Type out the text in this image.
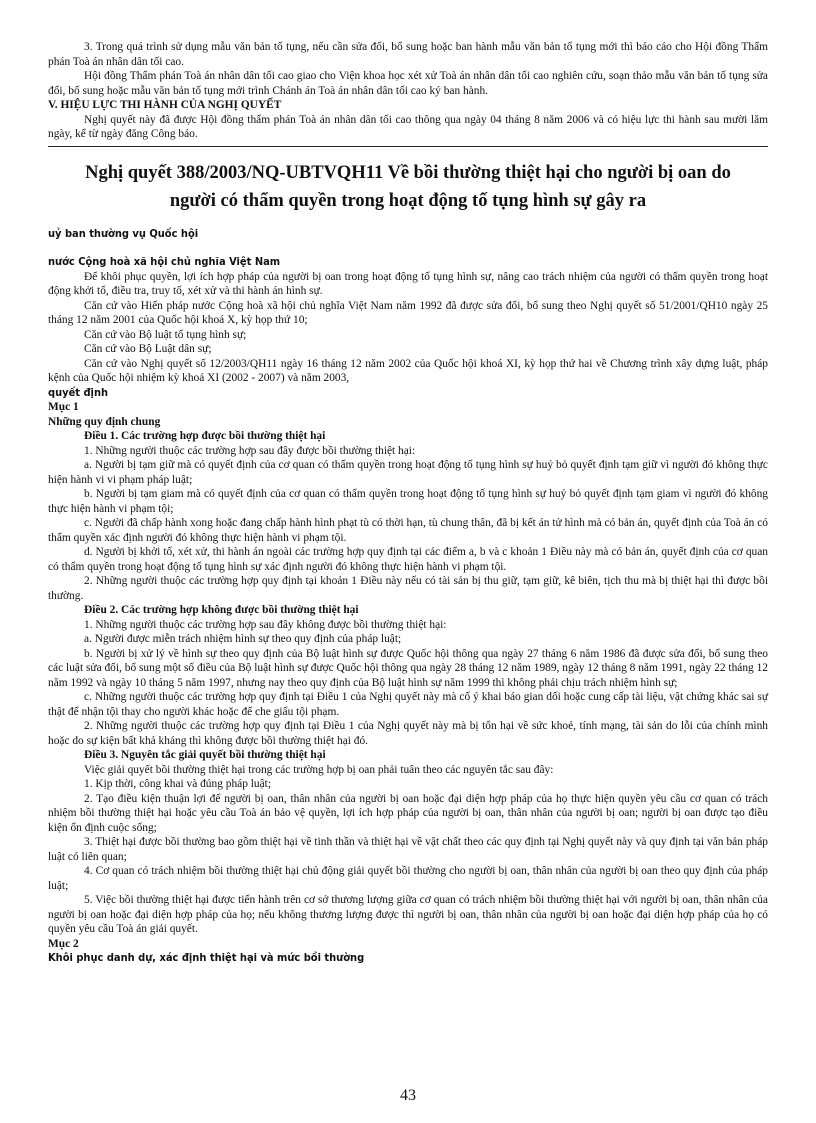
3. Trong quá trình sử dụng mẫu văn bản tố tụng, nếu cần sửa đổi, bổ sung hoặc ban hành mẫu văn bản tố tụng mới thì báo cáo cho Hội đồng Thẩm phán Toà án nhân dân tối cao.

Hội đồng Thẩm phán Toà án nhân dân tối cao giao cho Viện khoa học xét xử Toà án nhân dân tối cao nghiên cứu, soạn thảo mẫu văn bản tố tụng sửa đổi, bổ sung hoặc mẫu văn bản tố tụng mới trình Chánh án Toà án nhân dân tối cao ký ban hành.

V. HIỆU LỰC THI HÀNH CỦA NGHỊ QUYẾT

Nghị quyết này đã được Hội đồng thẩm phán Toà án nhân dân tối cao thông qua ngày 04 tháng 8 năm 2006 và có hiệu lực thi hành sau mười lăm ngày, kể từ ngày đăng Công báo.

Nghị quyết 388/2003/NQ-UBTVQH11 Về bồi thường thiệt hại cho người bị oan do
người có thẩm quyền trong hoạt động tố tụng hình sự gây ra

uỷ ban thường vụ Quốc hội

nước Cộng hoà xã hội chủ nghĩa Việt Nam

Để khôi phục quyền, lợi ích hợp pháp của người bị oan trong hoạt động tố tụng hình sự, nâng cao trách nhiệm của người có thẩm quyền trong hoạt động khởi tố, điều tra, truy tố, xét xử và thi hành án hình sự.

Căn cứ vào Hiến pháp nước Cộng hoà xã hội chủ nghĩa Việt Nam năm 1992 đã được sửa đổi, bổ sung theo Nghị quyết số 51/2001/QH10 ngày 25 tháng 12 năm 2001 của Quốc hội khoá X, kỳ họp thứ 10;

Căn cứ vào Bộ luật tố tụng hình sự;

Căn cứ vào Bộ Luật dân sự;

Căn cứ vào Nghị quyết số 12/2003/QH11 ngày 16 tháng 12 năm 2002 của Quốc hội khoá XI, kỳ họp thứ hai về Chương trình xây dựng luật, pháp kệnh của Quốc hội nhiệm kỳ khoá XI (2002 - 2007) và năm 2003,

quyết định

Mục 1

Những quy định chung

Điều 1. Các trường hợp được bồi thường thiệt hại

1. Những người thuộc các trường hợp sau đây được bồi thường thiệt hại:

a. Người bị tạm giữ mà có quyết định của cơ quan có thẩm quyền trong hoạt động tố tụng hình sự huỷ bỏ quyết định tạm giữ vì người đó không thực hiện hành vi vi phạm pháp luật;

b. Người bị tạm giam mà có quyết định của cơ quan có thẩm quyền trong hoạt động tố tụng hình sự huỷ bỏ quyết định tạm giam vì người đó không thực hiện hành vi phạm tội;

c. Người đã chấp hành xong hoặc đang chấp hành hình phạt tù có thời hạn, tù chung thân, đã bị kết án tử hình mà có bản án, quyết định của Toà án có thẩm quyền xác định người đó không thực hiện hành vi phạm tội.

d. Người bị khởi tố, xét xử, thi hành án ngoài các trường hợp quy định tại các điểm a, b và c khoản 1 Điều này mà có bản án, quyết định của cơ quan có thẩm quyền trong hoạt động tố tụng hình sự xác định người đó không thực hiện hành vi phạm tội.

2. Những người thuộc các trường hợp quy định tại khoản 1 Điều này nếu có tài sản bị thu giữ, tạm giữ, kê biên, tịch thu mà bị thiệt hại thì được bồi thường.

Điều 2. Các trường hợp không được bồi thường thiệt hại

1. Những người thuộc các trường hợp sau đây không được bồi thường thiệt hại:

a. Người được miễn trách nhiệm hình sự theo quy định của pháp luật;

b. Người bị xử lý về hình sự theo quy định của Bộ luật hình sự được Quốc hội thông qua ngày 27 tháng 6 năm 1986 đã được sửa đổi, bổ sung theo các luật sửa đổi, bổ sung một số điều của Bộ luật hình sự được Quốc hội thông qua ngày 28 tháng 12 năm 1989, ngày 12 tháng 8 năm 1991, ngày 22 tháng 12 năm 1992 và ngày 10 tháng 5 năm 1997, nhưng nay theo quy định của Bộ luật hình sự năm 1999 thì không phải chịu trách nhiệm hình sự;

c. Những người thuộc các trường hợp quy định tại Điều 1 của Nghị quyết này mà cố ý khai báo gian dối hoặc cung cấp tài liệu, vật chứng khác sai sự thật để nhận tội thay cho người khác hoặc để che giấu tội phạm.

2. Những người thuộc các trường hợp quy định tại Điều 1 của Nghị quyết này mà bị tổn hại về sức khoẻ, tính mạng, tài sản do lỗi của chính mình hoặc do sự kiện bất khả kháng thì không được bồi thường thiệt hại đó.

Điều 3. Nguyên tắc giải quyết bồi thường thiệt hại

Việc giải quyết bồi thường thiệt hại trong các trường hợp bị oan phải tuân theo các nguyên tắc sau đây:

1. Kịp thời, công khai và đúng pháp luật;

2. Tạo điều kiện thuận lợi để người bị oan, thân nhân của người bị oan hoặc đại diện hợp pháp của họ thực hiện quyền yêu cầu cơ quan có trách nhiệm bồi thường thiệt hại hoặc yêu cầu Toà án bảo vệ quyền, lợi ích hợp pháp của người bị oan, thân nhân của người bị oan; người bị oan được tạo điều kiện ổn định cuộc sống;

3. Thiệt hại được bồi thường bao gồm thiệt hại về tinh thần và thiệt hại về vật chất theo các quy định tại Nghị quyết này và quy định tại văn bản pháp luật có liên quan;

4. Cơ quan có trách nhiệm bồi thường thiệt hại chủ động giải quyết bồi thường cho người bị oan, thân nhân của người bị oan theo quy định của pháp luật;

5. Việc bồi thường thiệt hại được tiến hành trên cơ sở thương lượng giữa cơ quan có trách nhiệm bồi thường thiệt hại với người bị oan, thân nhân của người bị oan hoặc đại diện hợp pháp của họ; nếu không thương lượng được thì người bị oan, thân nhân của người bị oan hoặc đại diện hợp pháp của họ có quyền yêu cầu Toà án giải quyết.

Mục 2

Khôi phục danh dự, xác định thiệt hại và mức bồi thường

43
